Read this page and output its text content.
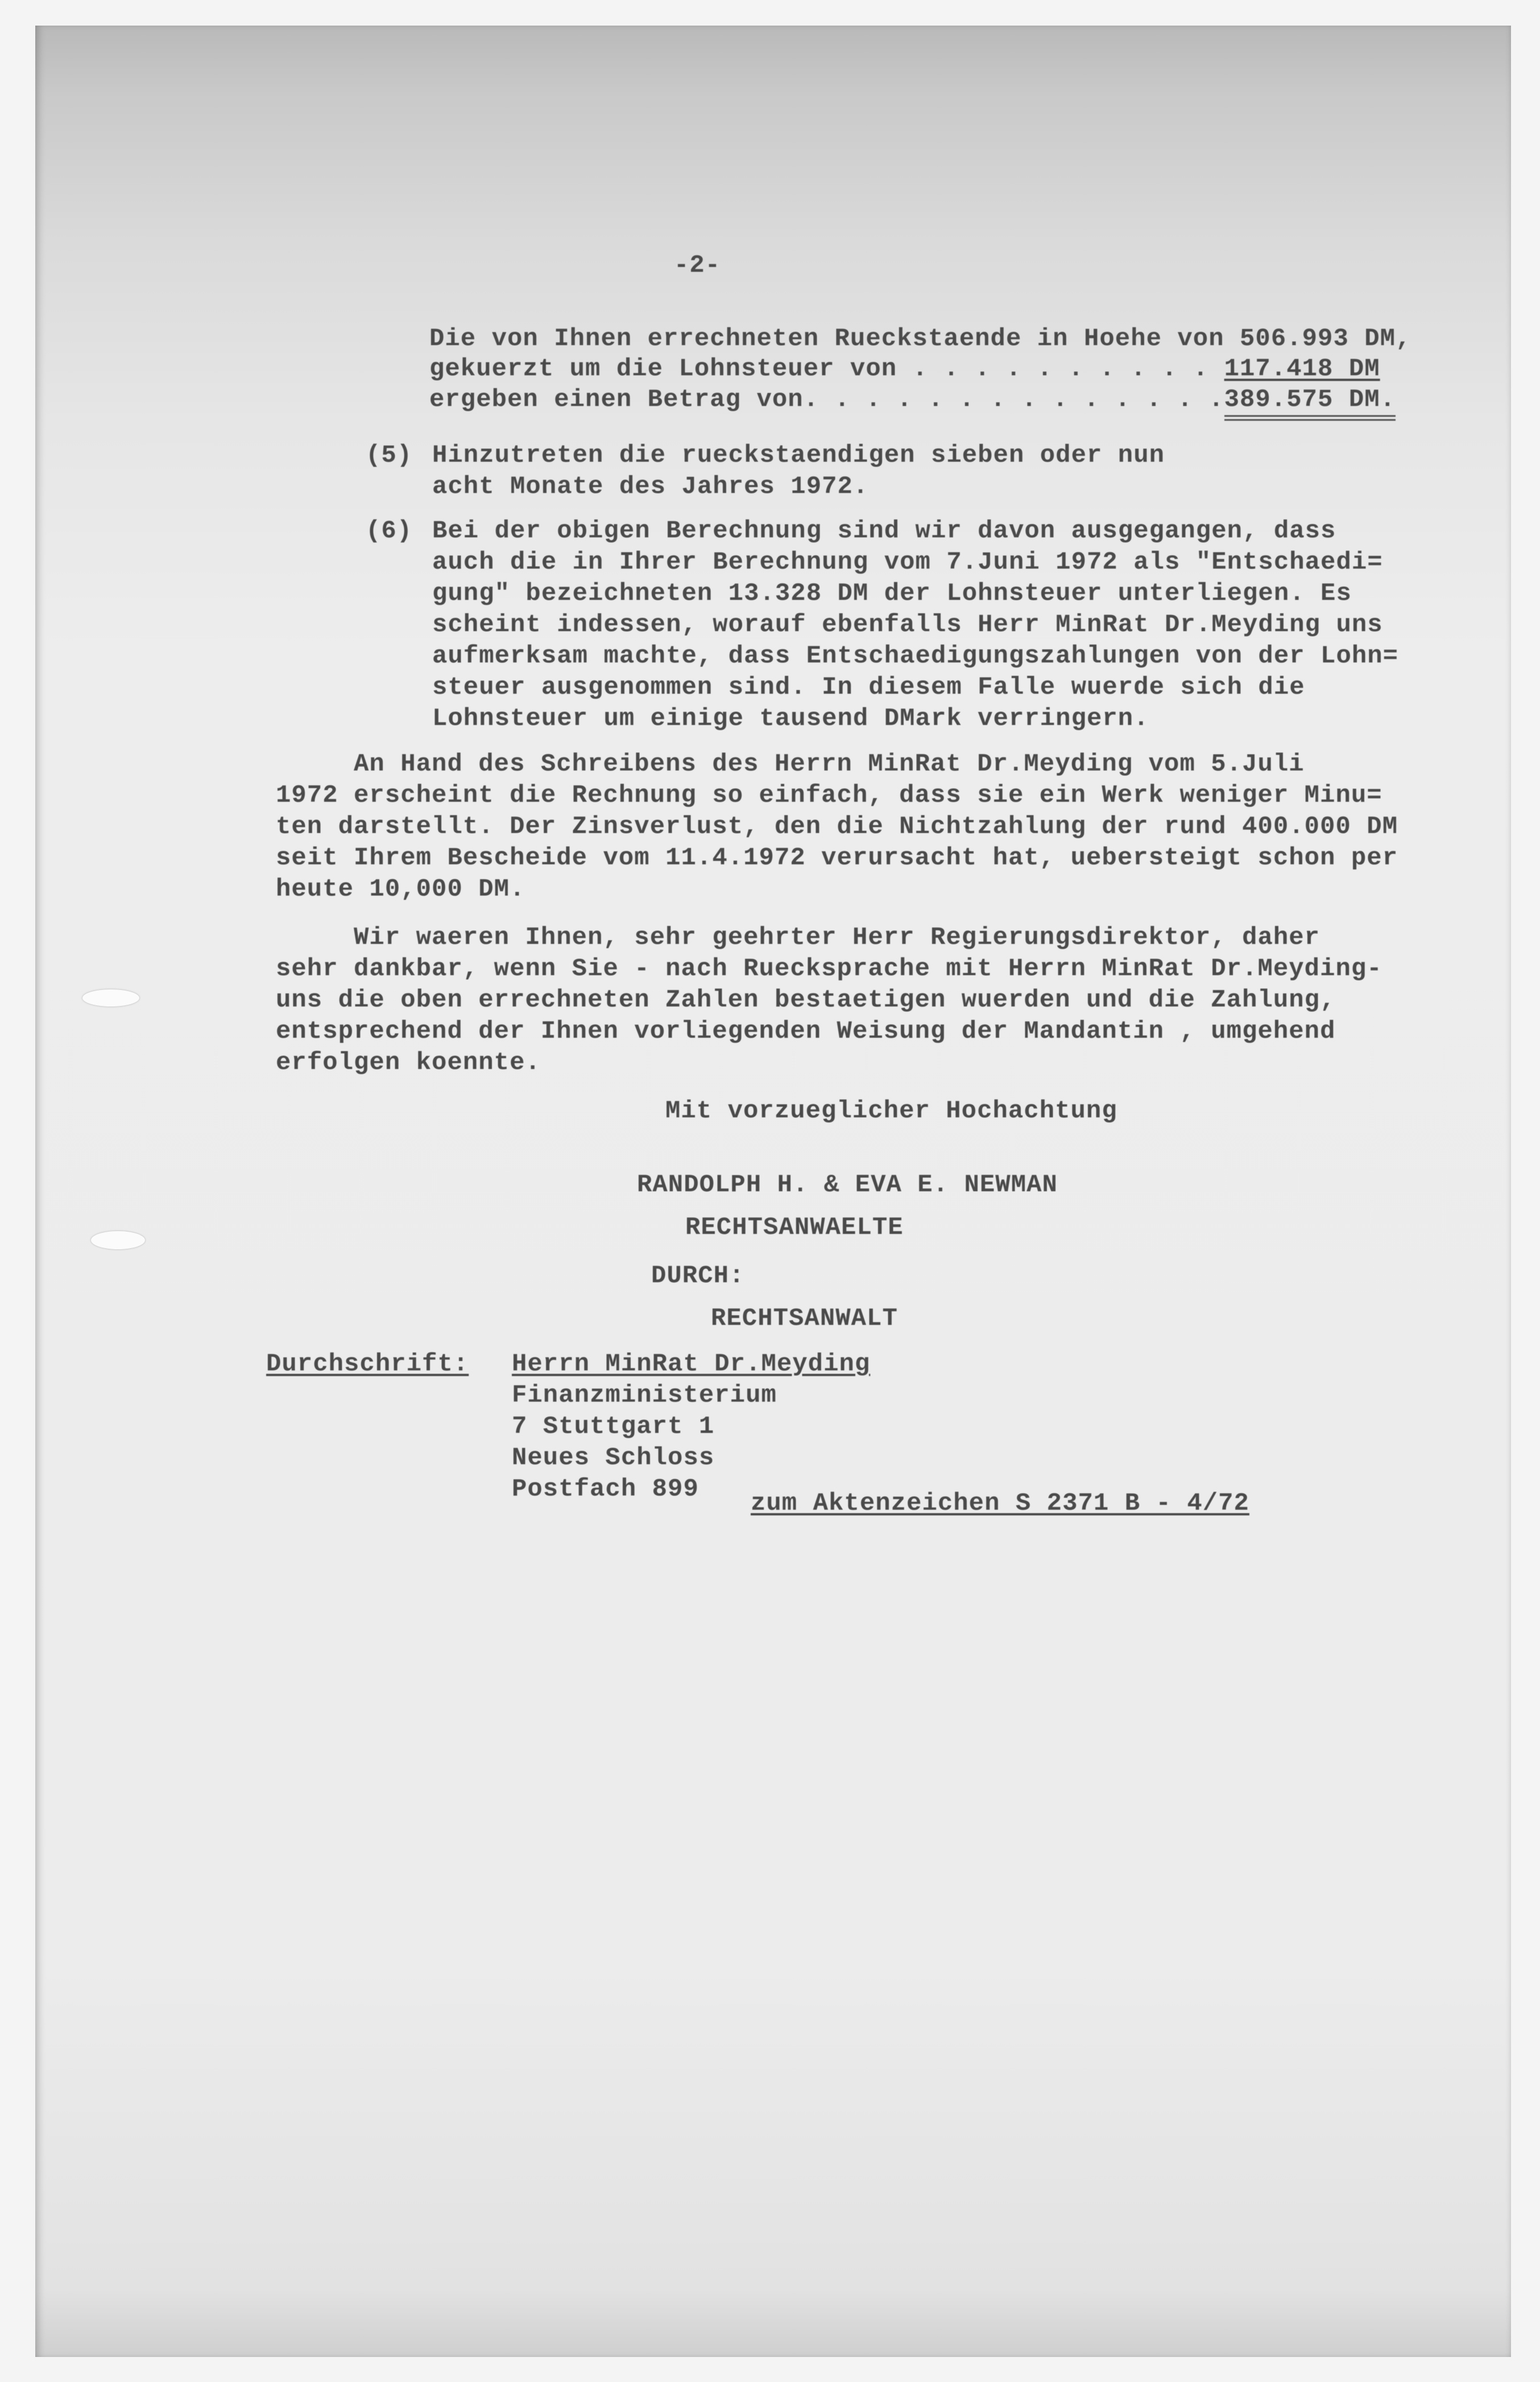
-2-
Die von Ihnen errechneten Rueckstaende in Hoehe von 506.993 DM,
gekuerzt um die Lohnsteuer von . . . . . . . . . . 117.418 DM
ergeben einen Betrag von. . . . . . . . . . . . . .389.575 DM.
(5) Hinzutreten die rueckstaendigen sieben oder nun
acht Monate des Jahres 1972.
(6) Bei der obigen Berechnung sind wir davon ausgegangen, dass
auch die in Ihrer Berechnung vom 7.Juni 1972 als "Entschaedi=
gung" bezeichneten 13.328 DM der Lohnsteuer unterliegen. Es
scheint indessen, worauf ebenfalls Herr MinRat Dr.Meyding uns
aufmerksam machte, dass Entschaedigungszahlungen von der Lohn=
steuer ausgenommen sind. In diesem Falle wuerde sich die
Lohnsteuer um einige tausend DMark verringern.
An Hand des Schreibens des Herrn MinRat Dr.Meyding vom 5.Juli
1972 erscheint die Rechnung so einfach, dass sie ein Werk weniger Minu=
ten darstellt. Der Zinsverlust, den die Nichtzahlung der rund 400.000 DM
seit Ihrem Bescheide vom 11.4.1972 verursacht hat, uebersteigt schon per
heute 10,000 DM.
Wir waeren Ihnen, sehr geehrter Herr Regierungsdirektor, daher
sehr dankbar, wenn Sie - nach Ruecksprache mit Herrn MinRat Dr.Meyding-
uns die oben errechneten Zahlen bestaetigen wuerden und die Zahlung,
entsprechend der Ihnen vorliegenden Weisung der Mandantin , umgehend
erfolgen koennte.
Mit vorzueglicher Hochachtung
RANDOLPH H. & EVA E. NEWMAN
RECHTSANWAELTE
DURCH:
RECHTSANWALT
Durchschrift: Herrn MinRat Dr.Meyding
Finanzministerium
7 Stuttgart 1
Neues Schloss
Postfach 899 zum Aktenzeichen S 2371 B - 4/72
